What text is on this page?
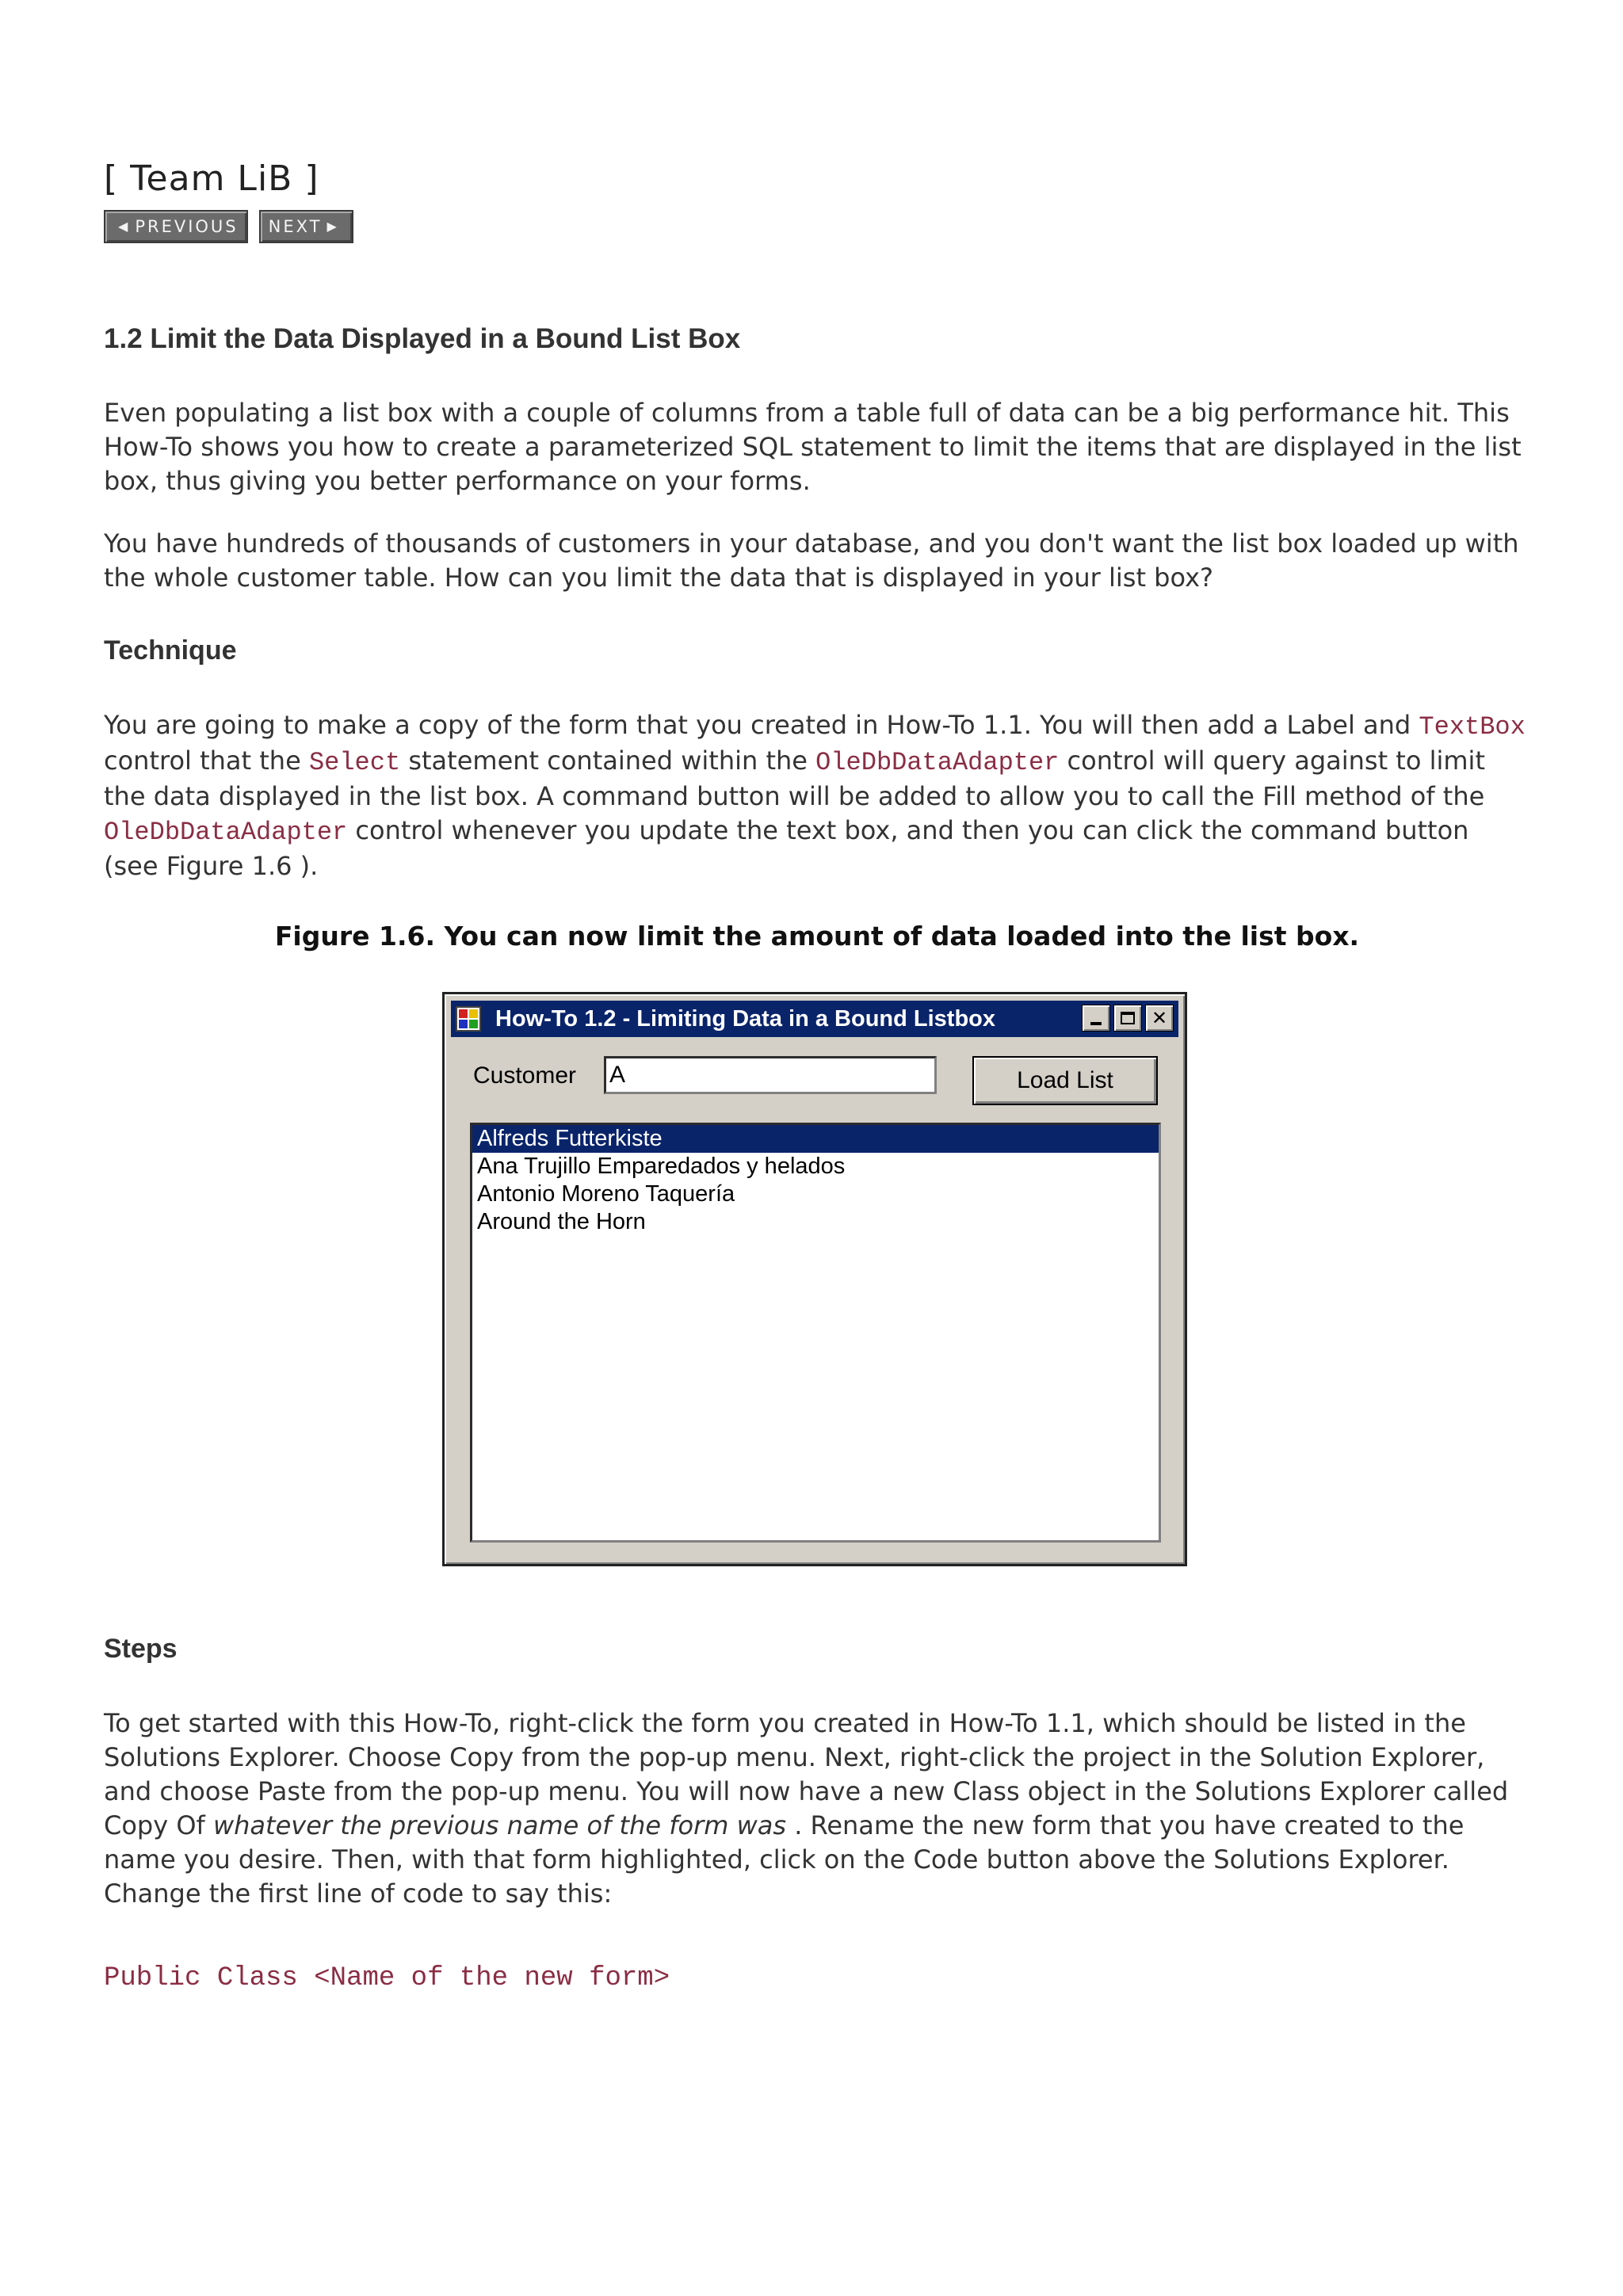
[ Team LiB ]

◀ PREVIOUS NEXT ▶
1.2 Limit the Data Displayed in a Bound List Box

Even populating a list box with a couple of columns from a table full of data can be a big performance hit. This How-To shows you how to create a parameterized SQL statement to limit the items that are displayed in the list box, thus giving you better performance on your forms.

You have hundreds of thousands of customers in your database, and you don't want the list box loaded up with the whole customer table. How can you limit the data that is displayed in your list box?

Technique

You are going to make a copy of the form that you created in How-To 1.1. You will then add a Label and TextBox control that the Select statement contained within the OleDbDataAdapter control will query against to limit the data displayed in the list box. A command button will be added to allow you to call the Fill method of the OleDbDataAdapter control whenever you update the text box, and then you can click the command button (see Figure 1.6 ).

Figure 1.6. You can now limit the amount of data loaded into the list box.

How-To 1.2 - Limiting Data in a Bound Listbox	✕
Customer
A	Load List
Alfreds Futterkiste
Ana Trujillo Emparedados y helados
Antonio Moreno Taquería
Around the Horn
Steps

To get started with this How-To, right-click the form you created in How-To 1.1, which should be listed in the Solutions Explorer. Choose Copy from the pop-up menu. Next, right-click the project in the Solution Explorer, and choose Paste from the pop-up menu. You will now have a new Class object in the Solutions Explorer called Copy Of whatever the previous name of the form was . Rename the new form that you have created to the name you desire. Then, with that form highlighted, click on the Code button above the Solutions Explorer. Change the first line of code to say this:

Public Class <Name of the new form>
